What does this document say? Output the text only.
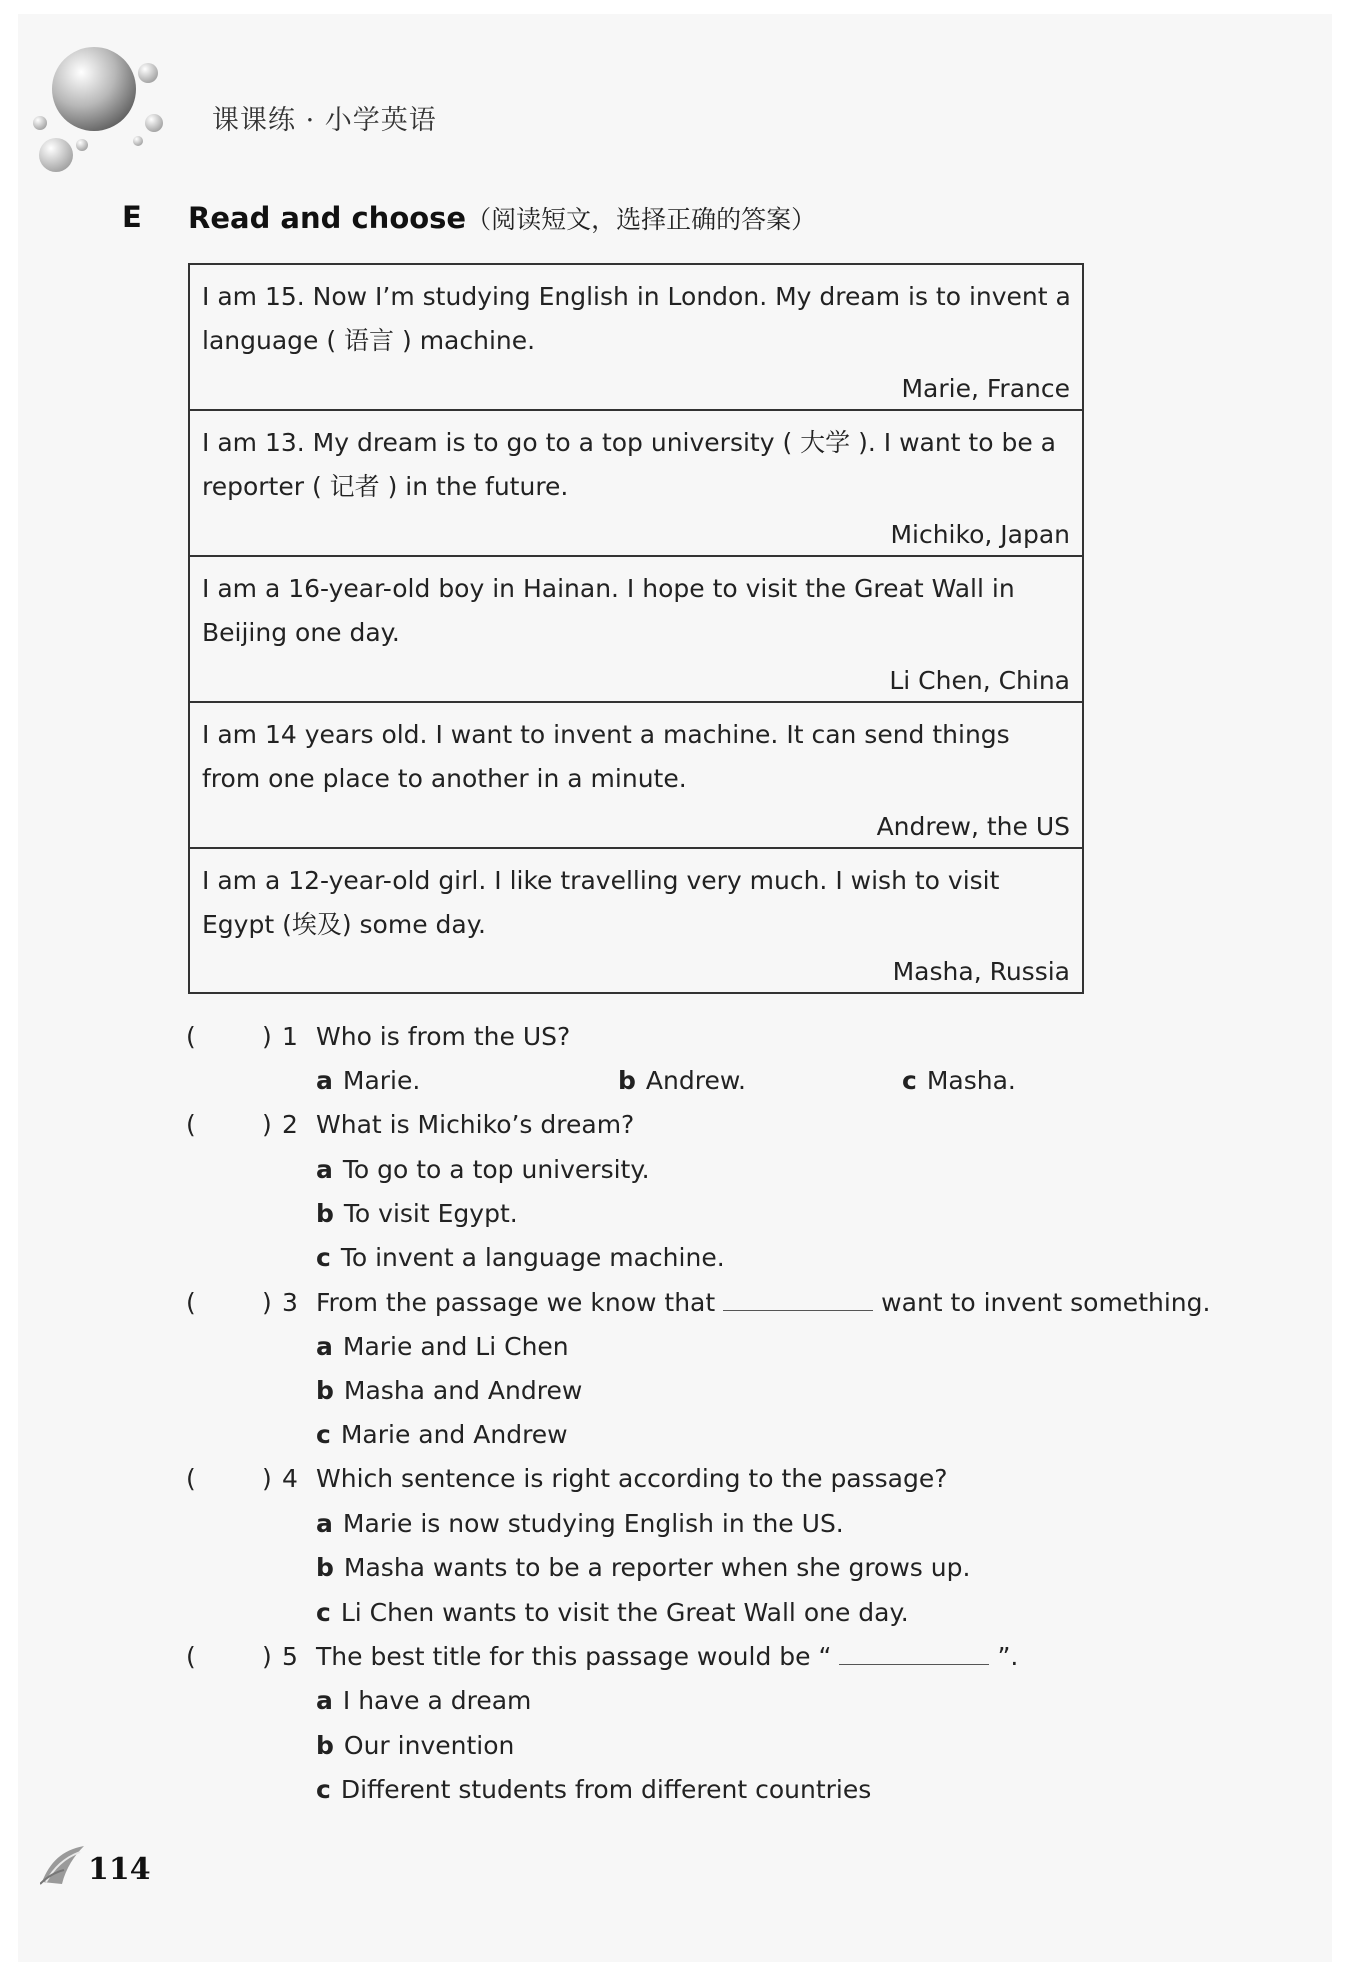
课课练 · 小学英语
E Read and choose（阅读短文，选择正确的答案）
I am 15. Now I’m studying English in London. My dream is to invent a language ( 语言 ) machine.
Marie, France
I am 13. My dream is to go to a top university ( 大学 ). I want to be a reporter ( 记者 ) in the future.
Michiko, Japan
I am a 16-year-old boy in Hainan. I hope to visit the Great Wall in Beijing one day.
Li Chen, China
I am 14 years old. I want to invent a machine. It can send things from one place to another in a minute.
Andrew, the US
I am a 12-year-old girl. I like travelling very much. I wish to visit Egypt (埃及) some day.
Masha, Russia
(	) 1 Who is from the US?
a Marie.	b Andrew.	c Masha.
(	) 2 What is Michiko’s dream?
a To go to a top university.
b To visit Egypt.
c To invent a language machine.
(	) 3 From the passage we know that	want to invent something.
a Marie and Li Chen
b Masha and Andrew
c Marie and Andrew
(	) 4 Which sentence is right according to the passage?
a Marie is now studying English in the US.
b Masha wants to be a reporter when she grows up.
c Li Chen wants to visit the Great Wall one day.
(	) 5 The best title for this passage would be “	”.
a I have a dream
b Our invention
c Different students from different countries
114
